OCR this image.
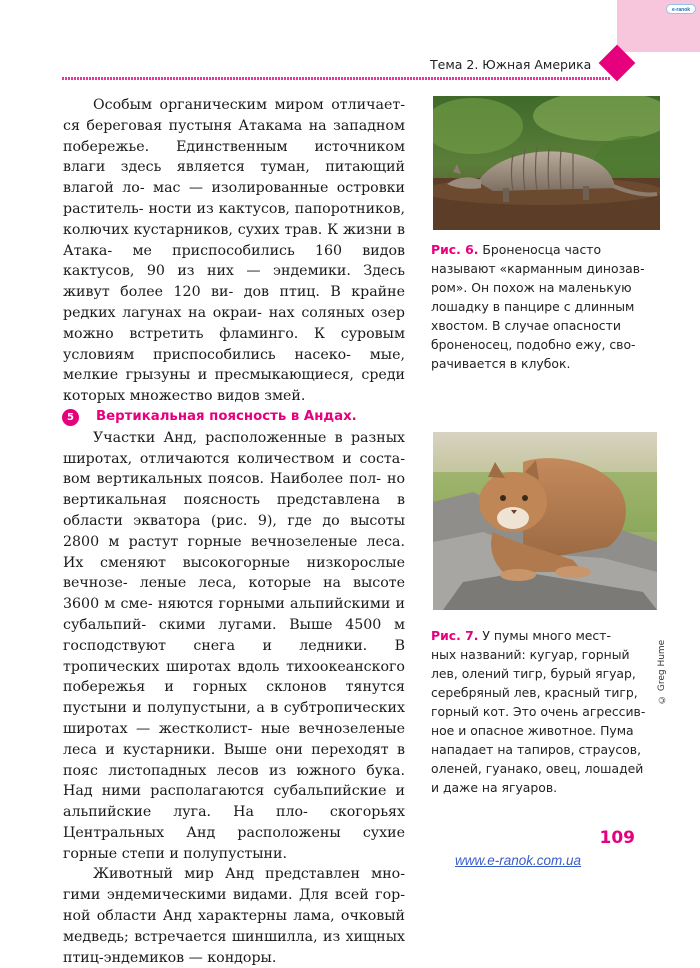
e-ranok
Тема 2. Южная Америка

Особым органическим миром отличает- ся береговая пустыня Атакама на западном побережье. Единственным источником влаги здесь является туман, питающий влагой ло- мас — изолированные островки раститель- ности из кактусов, папоротников, колючих кустарников, сухих трав. К жизни в Атака- ме приспособились 160 видов кактусов, 90 из них — эндемики. Здесь живут более 120 ви- дов птиц. В крайне редких лагунах на окраи- нах соляных озер можно встретить фламинго. К суровым условиям приспособились насеко- мые, мелкие грызуны и пресмыкающиеся, среди которых множество видов змей.

5	Вертикальная поясность в Андах.

Участки Анд, расположенные в разных широтах, отличаются количеством и соста- вом вертикальных поясов. Наиболее пол- но вертикальная поясность представлена в области экватора (рис. 9), где до высоты 2800 м растут горные вечнозеленые леса. Их сменяют высокогорные низкорослые вечнозе- леные леса, которые на высоте 3600 м сме- няются горными альпийскими и субальпий- скими лугами. Выше 4500 м господствуют снега и ледники. В тропических широтах вдоль тихоокеанского побережья и горных склонов тянутся пустыни и полупустыни, а в субтропических широтах — жестколист- ные вечнозеленые леса и кустарники. Выше они переходят в пояс листопадных лесов из южного бука. Над ними располагаются субальпийские и альпийские луга. На пло- скогорьях Центральных Анд расположены сухие горные степи и полупустыни.

Животный мир Анд представлен мно- гими эндемическими видами. Для всей гор- ной области Анд характерны лама, очковый медведь; встречается шиншилла, из хищных птиц-эндемиков — кондоры.

Рис. 6. Броненосца часто

называют «карманным динозав-

ром». Он похож на маленькую

лошадку в панцире с длинным

хвостом. В случае опасности

броненосец, подобно ежу, сво-

рачивается в клубок.

© Greg Hume

Рис. 7. У пумы много мест-

ных названий: кугуар, горный

лев, олений тигр, бурый ягуар,

серебряный лев, красный тигр,

горный кот. Это очень агрессив-

ное и опасное животное. Пума

нападает на тапиров, страусов,

оленей, гуанако, овец, лошадей

и даже на ягуаров.

109
www.e-ranok.com.ua
